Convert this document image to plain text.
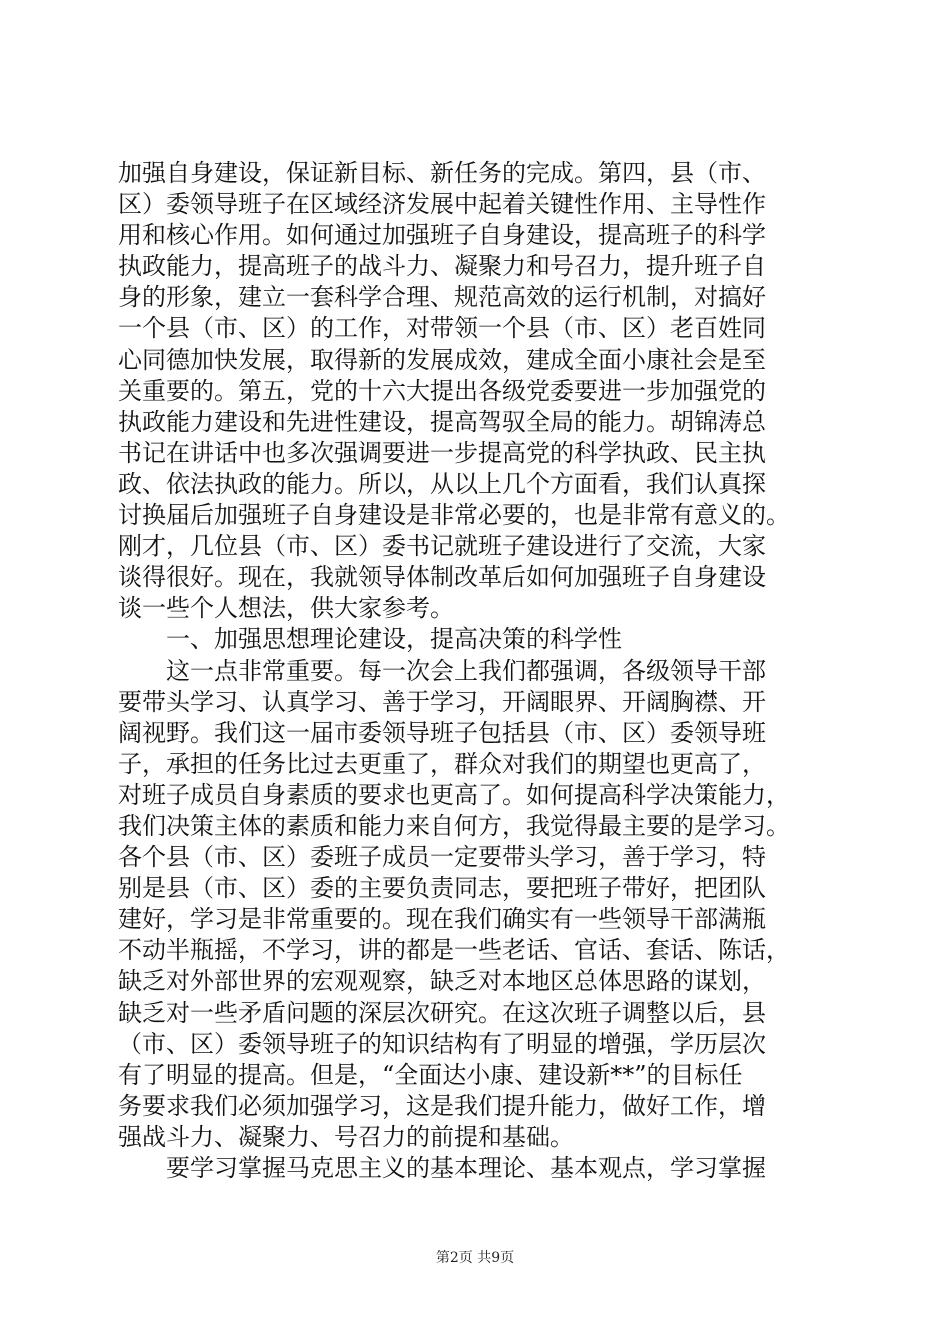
加强自身建设，保证新目标、新任务的完成。第四，县（市、
区）委领导班子在区域经济发展中起着关键性作用、主导性作
用和核心作用。如何通过加强班子自身建设，提高班子的科学
执政能力，提高班子的战斗力、凝聚力和号召力，提升班子自
身的形象，建立一套科学合理、规范高效的运行机制，对搞好
一个县（市、区）的工作，对带领一个县（市、区）老百姓同
心同德加快发展，取得新的发展成效，建成全面小康社会是至
关重要的。第五，党的十六大提出各级党委要进一步加强党的
执政能力建设和先进性建设，提高驾驭全局的能力。胡锦涛总
书记在讲话中也多次强调要进一步提高党的科学执政、民主执
政、依法执政的能力。所以，从以上几个方面看，我们认真探
讨换届后加强班子自身建设是非常必要的，也是非常有意义的。
刚才，几位县（市、区）委书记就班子建设进行了交流，大家
谈得很好。现在，我就领导体制改革后如何加强班子自身建设
谈一些个人想法，供大家参考。
　　一、加强思想理论建设，提高决策的科学性
　　这一点非常重要。每一次会上我们都强调，各级领导干部
要带头学习、认真学习、善于学习，开阔眼界、开阔胸襟、开
阔视野。我们这一届市委领导班子包括县（市、区）委领导班
子，承担的任务比过去更重了，群众对我们的期望也更高了，
对班子成员自身素质的要求也更高了。如何提高科学决策能力，
我们决策主体的素质和能力来自何方，我觉得最主要的是学习。
各个县（市、区）委班子成员一定要带头学习，善于学习，特
别是县（市、区）委的主要负责同志，要把班子带好，把团队
建好，学习是非常重要的。现在我们确实有一些领导干部满瓶
不动半瓶摇，不学习，讲的都是一些老话、官话、套话、陈话，
缺乏对外部世界的宏观观察，缺乏对本地区总体思路的谋划，
缺乏对一些矛盾问题的深层次研究。在这次班子调整以后，县
（市、区）委领导班子的知识结构有了明显的增强，学历层次
有了明显的提高。但是，“全面达小康、建设新**”的目标任
务要求我们必须加强学习，这是我们提升能力，做好工作，增
强战斗力、凝聚力、号召力的前提和基础。
　　要学习掌握马克思主义的基本理论、基本观点，学习掌握
第2页 共9页
